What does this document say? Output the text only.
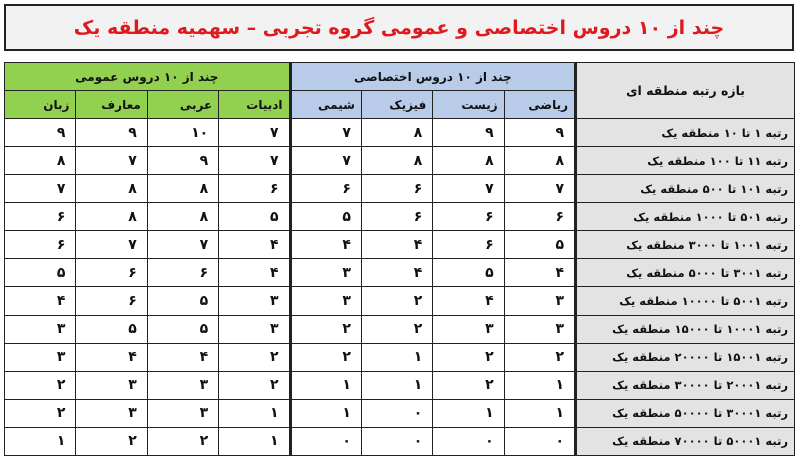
چند از ۱۰ دروس اختصاصی و عمومی گروه تجربی – سهمیه منطقه یک
بازه رتبه منطقه ای	چند از ۱۰ دروس اختصاصی				چند از ۱۰ دروس عمومی			
	ریاضی	زیست	فیزیک	شیمی	ادبیات	عربی	معارف	زبان
رتبه ۱ تا ۱۰ منطقه یک	۹	۹	۸	۷	۷	۱۰	۹	۹
رتبه ۱۱ تا ۱۰۰ منطقه یک	۸	۸	۸	۷	۷	۹	۷	۸
رتبه ۱۰۱ تا ۵۰۰ منطقه یک	۷	۷	۶	۶	۶	۸	۸	۷
رتبه ۵۰۱ تا ۱۰۰۰ منطقه یک	۶	۶	۶	۵	۵	۸	۸	۶
رتبه ۱۰۰۱ تا ۳۰۰۰ منطقه یک	۵	۶	۴	۴	۴	۷	۷	۶
رتبه ۳۰۰۱ تا ۵۰۰۰ منطقه یک	۴	۵	۴	۳	۴	۶	۶	۵
رتبه ۵۰۰۱ تا ۱۰۰۰۰ منطقه یک	۳	۴	۲	۳	۳	۵	۶	۴
رتبه ۱۰۰۰۱ تا ۱۵۰۰۰ منطقه یک	۳	۳	۲	۲	۳	۵	۵	۳
رتبه ۱۵۰۰۱ تا ۲۰۰۰۰ منطقه یک	۲	۲	۱	۲	۲	۴	۴	۳
رتبه ۲۰۰۰۱ تا ۳۰۰۰۰ منطقه یک	۱	۲	۱	۱	۲	۳	۳	۲
رتبه ۳۰۰۰۱ تا ۵۰۰۰۰ منطقه یک	۱	۱	۰	۱	۱	۳	۳	۲
رتبه ۵۰۰۰۱ تا ۷۰۰۰۰ منطقه یک	۰	۰	۰	۰	۱	۲	۲	۱
